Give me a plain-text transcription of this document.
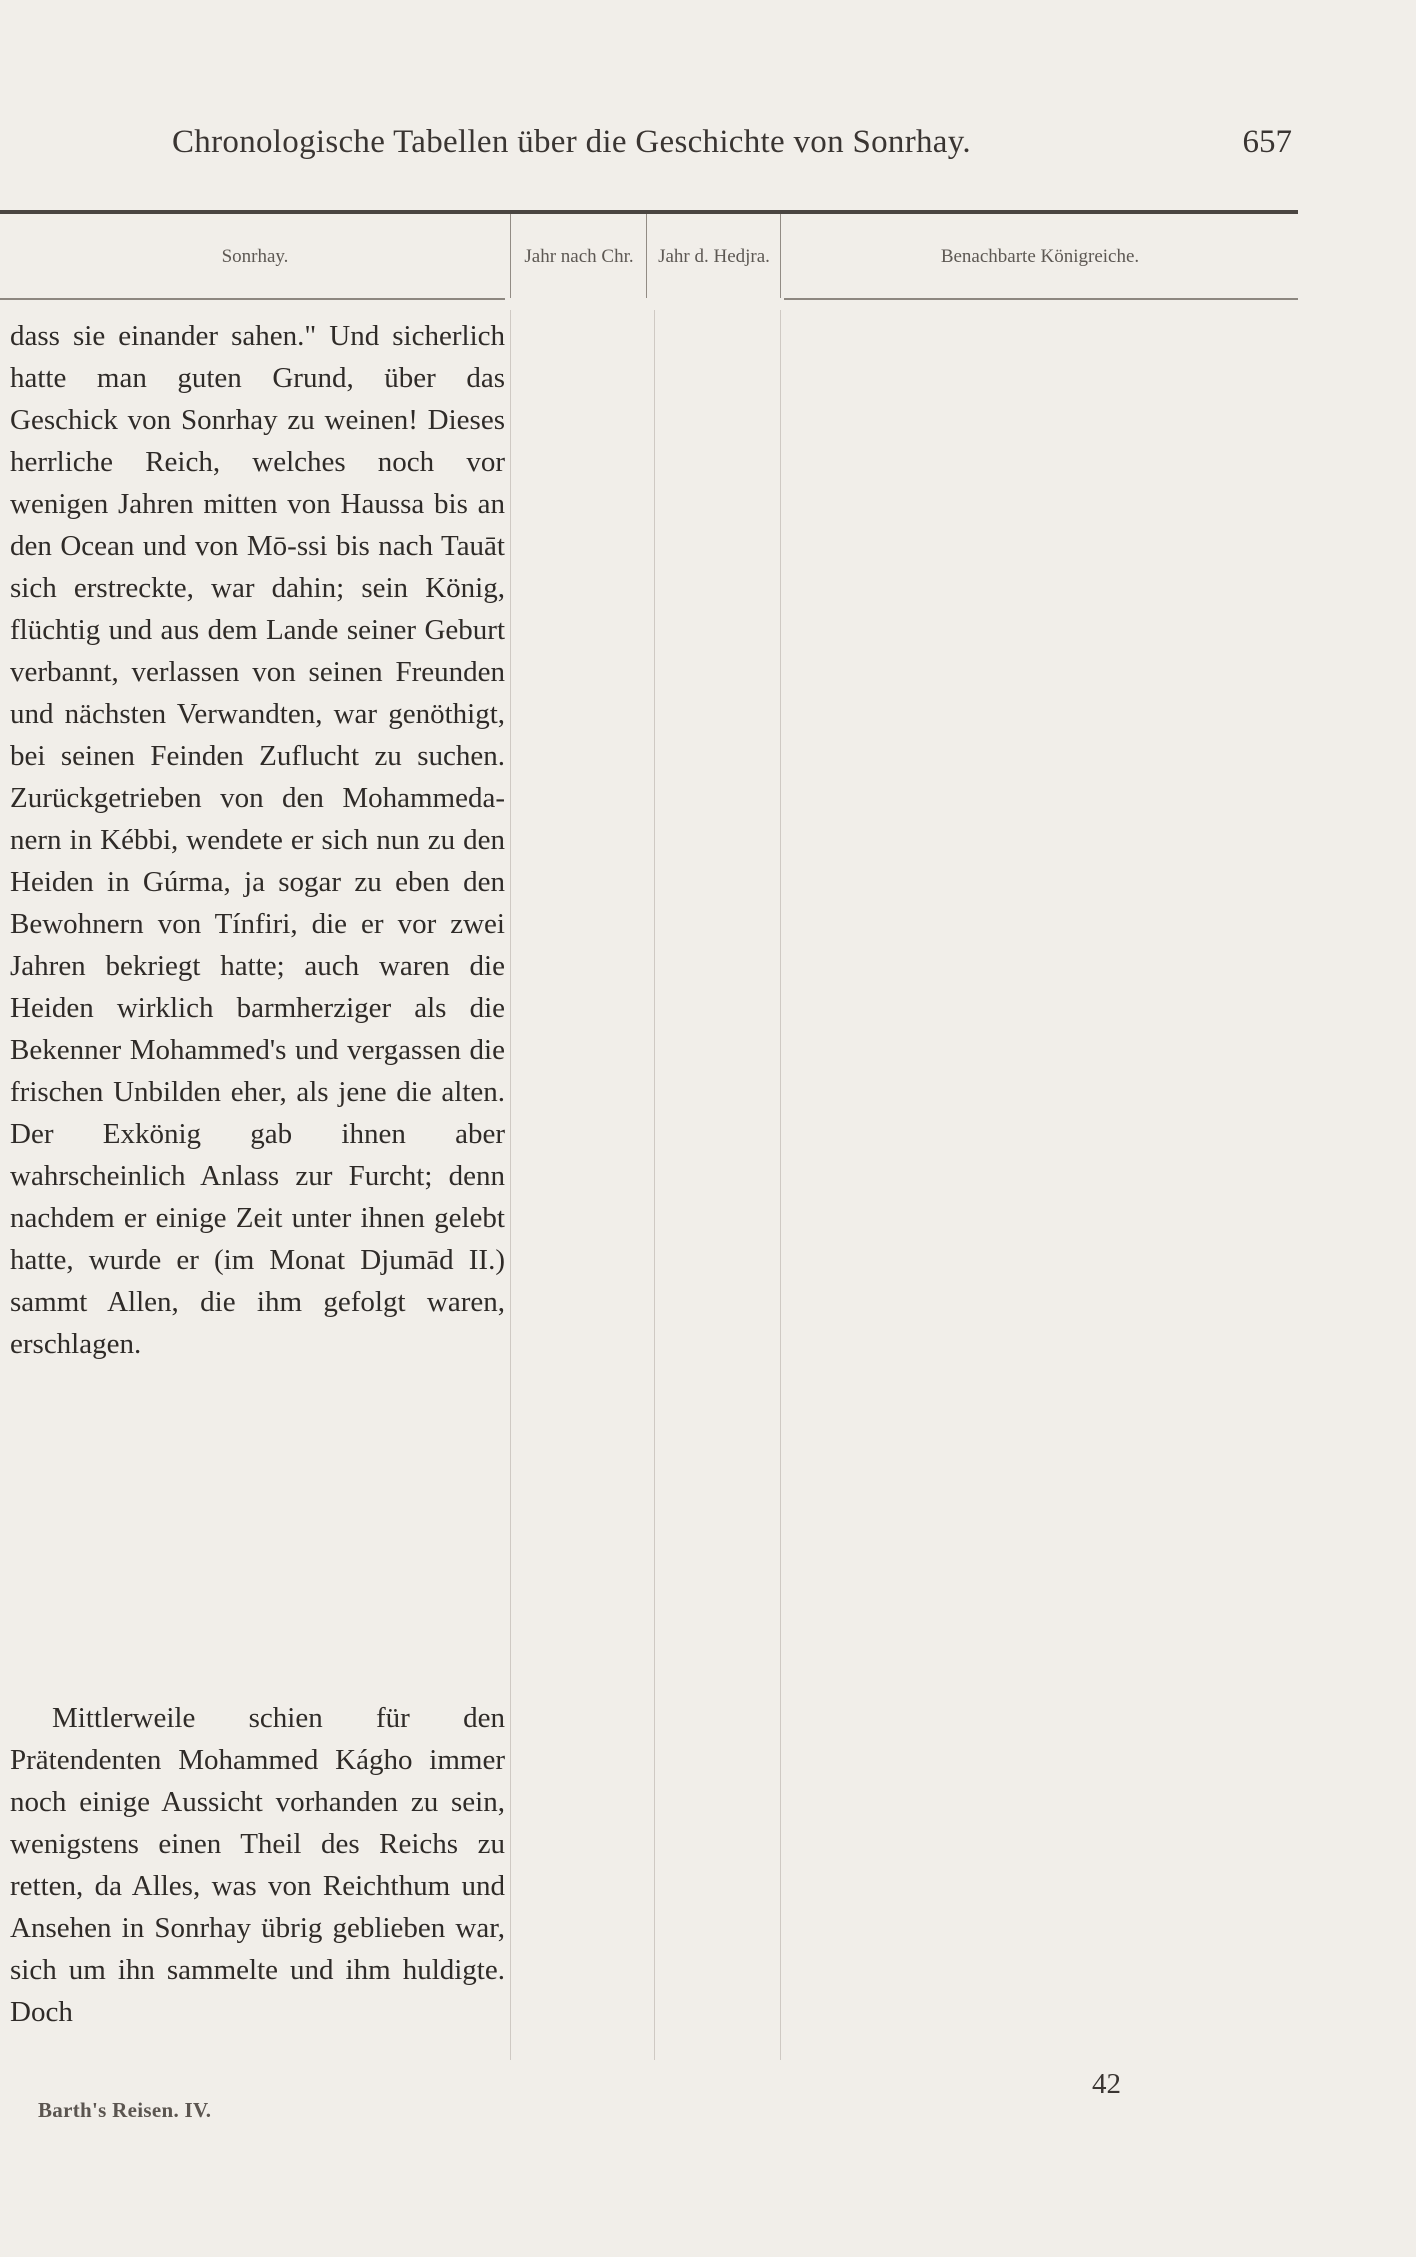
Chronologische Tabellen über die Geschichte von Sonrhay.	657
Sonrhay.	Jahr nach Chr.	Jahr d. Hedjra.	Benachbarte Königreiche.

dass sie einander sahen." Und sicherlich hatte man guten Grund, über das Geschick von Sonrhay zu weinen! Dieses herrliche Reich, welches noch vor wenigen Jahren mitten von Haussa bis an den Ocean und von Mō-ssi bis nach Tauāt sich erstreckte, war dahin; sein König, flüchtig und aus dem Lande seiner Geburt verbannt, verlassen von seinen Freunden und nächsten Verwandten, war genöthigt, bei seinen Feinden Zuflucht zu suchen. Zurückgetrieben von den Mohammedanern in Kébbi, wendete er sich nun zu den Heiden in Gúrma, ja sogar zu eben den Bewohnern von Tínfiri, die er vor zwei Jahren bekriegt hatte; auch waren die Heiden wirklich barmherziger als die Bekenner Mohammed's und vergassen die frischen Unbilden eher, als jene die alten. Der Exkönig gab ihnen aber wahrscheinlich Anlass zur Furcht; denn nachdem er einige Zeit unter ihnen gelebt hatte, wurde er (im Monat Djumād II.) sammt Allen, die ihm gefolgt waren, erschlagen.

Mittlerweile schien für den Prätendenten Mohammed Kágho immer noch einige Aussicht vorhanden zu sein, wenigstens einen Theil des Reichs zu retten, da Alles, was von Reichthum und Ansehen in Sonrhay übrig geblieben war, sich um ihn sammelte und ihm huldigte. Doch

Barth's Reisen. IV.
42
